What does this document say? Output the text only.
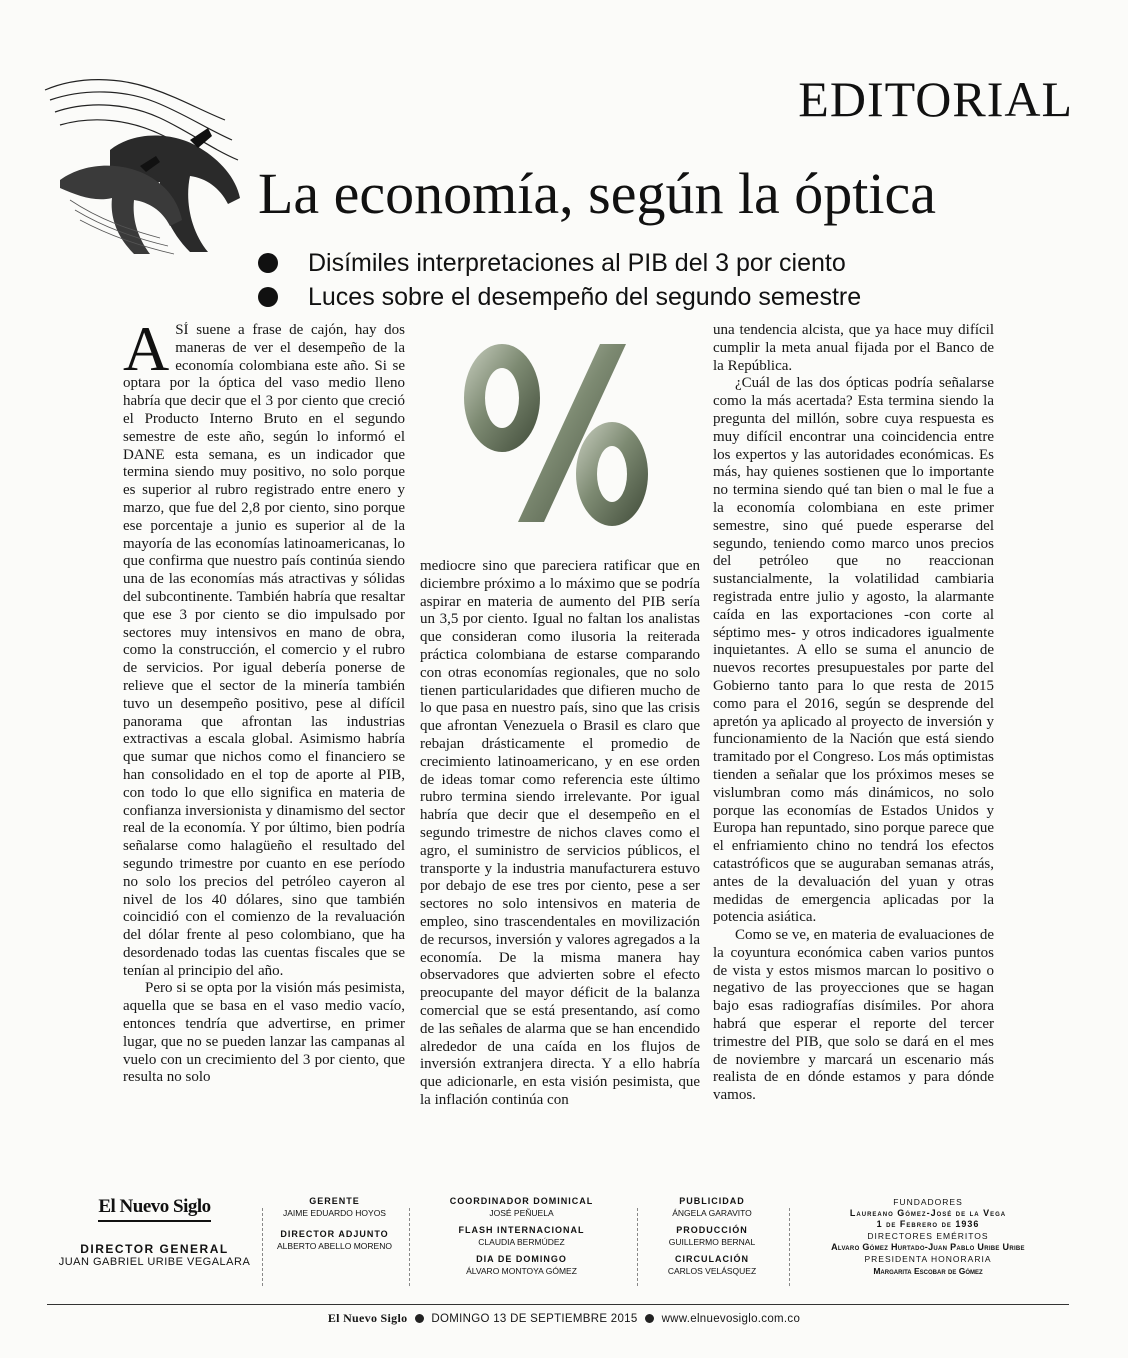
EDITORIAL
La economía, según la óptica
Disímiles interpretaciones al PIB del 3 por ciento
Luces sobre el desempeño del segundo semestre

ASÍ suene a frase de cajón, hay dos maneras de ver el desempeño de la economía colombiana este año. Si se optara por la óptica del vaso medio lleno habría que decir que el 3 por ciento que creció el Producto Interno Bruto en el segundo semestre de este año, según lo informó el DANE esta semana, es un indicador que termina siendo muy positivo, no solo porque es superior al rubro registrado entre enero y marzo, que fue del 2,8 por ciento, sino porque ese porcentaje a junio es superior al de la mayoría de las economías latinoamericanas, lo que confirma que nuestro país continúa siendo una de las economías más atractivas y sólidas del subcontinente. También habría que resaltar que ese 3 por ciento se dio impulsado por sectores muy intensivos en mano de obra, como la construcción, el comercio y el rubro de servicios. Por igual debería ponerse de relieve que el sector de la minería también tuvo un desempeño positivo, pese al difícil panorama que afrontan las industrias extractivas a escala global. Asimismo habría que sumar que nichos como el financiero se han consolidado en el top de aporte al PIB, con todo lo que ello significa en materia de confianza inversionista y dinamismo del sector real de la economía. Y por último, bien podría señalarse como halagüeño el resultado del segundo trimestre por cuanto en ese período no solo los precios del petróleo cayeron al nivel de los 40 dólares, sino que también coincidió con el comienzo de la revaluación del dólar frente al peso colombiano, que ha desordenado todas las cuentas fiscales que se tenían al principio del año.

Pero si se opta por la visión más pesimista, aquella que se basa en el vaso medio vacío, entonces tendría que advertirse, en primer lugar, que no se pueden lanzar las campanas al vuelo con un crecimiento del 3 por ciento, que resulta no solo

mediocre sino que pareciera ratificar que en diciembre próximo a lo máximo que se podría aspirar en materia de aumento del PIB sería un 3,5 por ciento. Igual no faltan los analistas que consideran como ilusoria la reiterada práctica colombiana de estarse comparando con otras economías regionales, que no solo tienen particularidades que difieren mucho de lo que pasa en nuestro país, sino que las crisis que afrontan Venezuela o Brasil es claro que rebajan drásticamente el promedio de crecimiento latinoamericano, y en ese orden de ideas tomar como referencia este último rubro termina siendo irrelevante. Por igual habría que decir que el desempeño en el segundo trimestre de nichos claves como el agro, el suministro de servicios públicos, el transporte y la industria manufacturera estuvo por debajo de ese tres por ciento, pese a ser sectores no solo intensivos en materia de empleo, sino trascendentales en movilización de recursos, inversión y valores agregados a la economía. De la misma manera hay observadores que advierten sobre el efecto preocupante del mayor déficit de la balanza comercial que se está presentando, así como de las señales de alarma que se han encendido alrededor de una caída en los flujos de inversión extranjera directa. Y a ello habría que adicionarle, en esta visión pesimista, que la inflación continúa con

una tendencia alcista, que ya hace muy difícil cumplir la meta anual fijada por el Banco de la República.

¿Cuál de las dos ópticas podría señalarse como la más acertada? Esta termina siendo la pregunta del millón, sobre cuya respuesta es muy difícil encontrar una coincidencia entre los expertos y las autoridades económicas. Es más, hay quienes sostienen que lo importante no termina siendo qué tan bien o mal le fue a la economía colombiana en este primer semestre, sino qué puede esperarse del segundo, teniendo como marco unos precios del petróleo que no reaccionan sustancialmente, la volatilidad cambiaria registrada entre julio y agosto, la alarmante caída en las exportaciones -con corte al séptimo mes- y otros indicadores igualmente inquietantes. A ello se suma el anuncio de nuevos recortes presupuestales por parte del Gobierno tanto para lo que resta de 2015 como para el 2016, según se desprende del apretón ya aplicado al proyecto de inversión y funcionamiento de la Nación que está siendo tramitado por el Congreso. Los más optimistas tienden a señalar que los próximos meses se vislumbran como más dinámicos, no solo porque las economías de Estados Unidos y Europa han repuntado, sino porque parece que el enfriamiento chino no tendrá los efectos catastróficos que se auguraban semanas atrás, antes de la devaluación del yuan y otras medidas de emergencia aplicadas por la potencia asiática.

Como se ve, en materia de evaluaciones de la coyuntura económica caben varios puntos de vista y estos mismos marcan lo positivo o negativo de las proyecciones que se hagan bajo esas radiografías disímiles. Por ahora habrá que esperar el reporte del tercer trimestre del PIB, que solo se dará en el mes de noviembre y marcará un escenario más realista de en dónde estamos y para dónde vamos.

El Nuevo Siglo
DIRECTOR GENERAL
JUAN GABRIEL URIBE VEGALARA
GERENTE
JAIME EDUARDO HOYOS
DIRECTOR ADJUNTO
ALBERTO ABELLO MORENO
COORDINADOR DOMINICAL
JOSÉ PEÑUELA
FLASH INTERNACIONAL
CLAUDIA BERMÚDEZ
DIA DE DOMINGO
ÁLVARO MONTOYA GÓMEZ
PUBLICIDAD
ÁNGELA GARAVITO
PRODUCCIÓN
GUILLERMO BERNAL
CIRCULACIÓN
CARLOS VELÁSQUEZ
FUNDADORES
Laureano Gómez-José de la Vega
1 de Febrero de 1936
DIRECTORES EMÉRITOS
Alvaro Gómez Hurtado-Juan Pablo Uribe Uribe
PRESIDENTA HONORARIA
Margarita Escobar de Gómez
El Nuevo Siglo DOMINGO 13 DE SEPTIEMBRE 2015 www.elnuevosiglo.com.co
